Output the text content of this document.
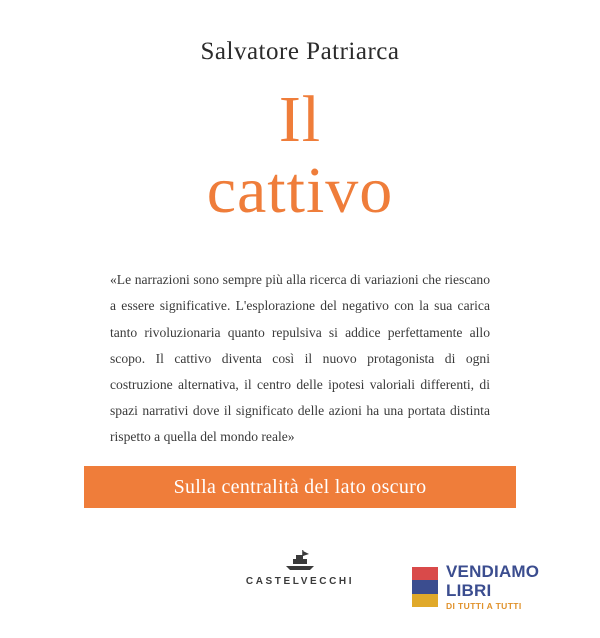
Salvatore Patriarca
Il
cattivo
«Le narrazioni sono sempre più alla ricerca di variazioni che riescano a essere significative. L'esplorazione del negativo con la sua carica tanto rivoluzionaria quanto repulsiva si addice perfettamente allo scopo. Il cattivo diventa così il nuovo protagonista di ogni costruzione alternativa, il centro delle ipotesi valoriali differenti, di spazi narrativi dove il significato delle azioni ha una portata distinta rispetto a quella del mondo reale»
Sulla centralità del lato oscuro
CASTELVECCHI
VENDIAMO
LIBRI
DI TUTTI A TUTTI
